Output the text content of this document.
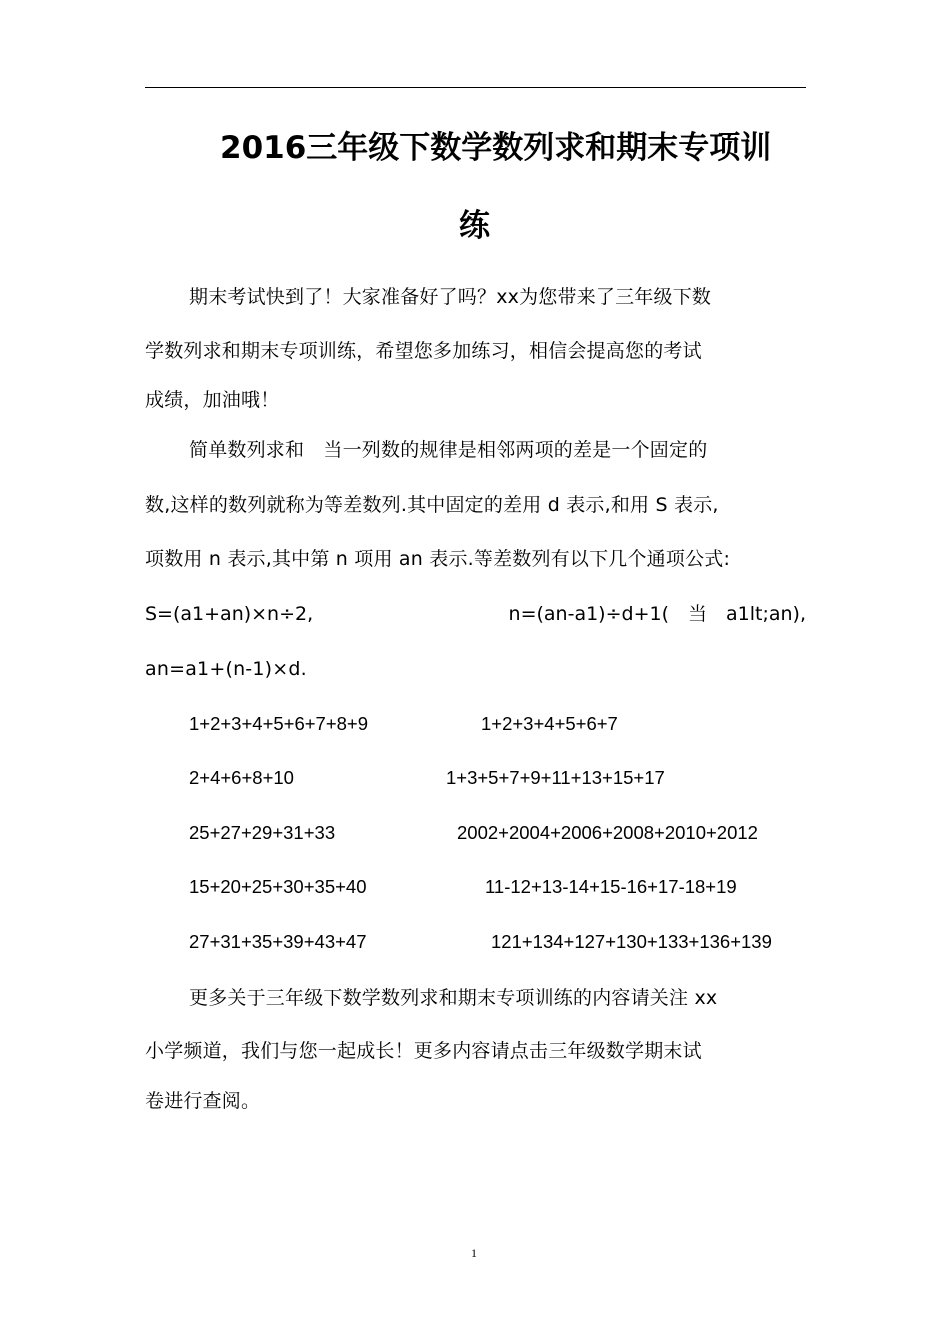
2016三年级下数学数列求和期末专项训
练
期末考试快到了！大家准备好了吗？xx为您带来了三年级下数
学数列求和期末专项训练，希望您多加练习，相信会提高您的考试
成绩，加油哦！
简单数列求和　当一列数的规律是相邻两项的差是一个固定的
数,这样的数列就称为等差数列.其中固定的差用 d 表示,和用 S 表示,
项数用 n 表示,其中第 n 项用 an 表示.等差数列有以下几个通项公式:
S=(a1+an)×n÷2,	n=(an-a1)÷d+1(　当　a1lt;an),
an=a1+(n-1)×d.
1+2+3+4+5+6+7+8+9	1+2+3+4+5+6+7
2+4+6+8+10	1+3+5+7+9+11+13+15+17
25+27+29+31+33	2002+2004+2006+2008+2010+2012
15+20+25+30+35+40	11-12+13-14+15-16+17-18+19
27+31+35+39+43+47	121+134+127+130+133+136+139
更多关于三年级下数学数列求和期末专项训练的内容请关注 xx
小学频道，我们与您一起成长！更多内容请点击三年级数学期末试
卷进行查阅。
1
